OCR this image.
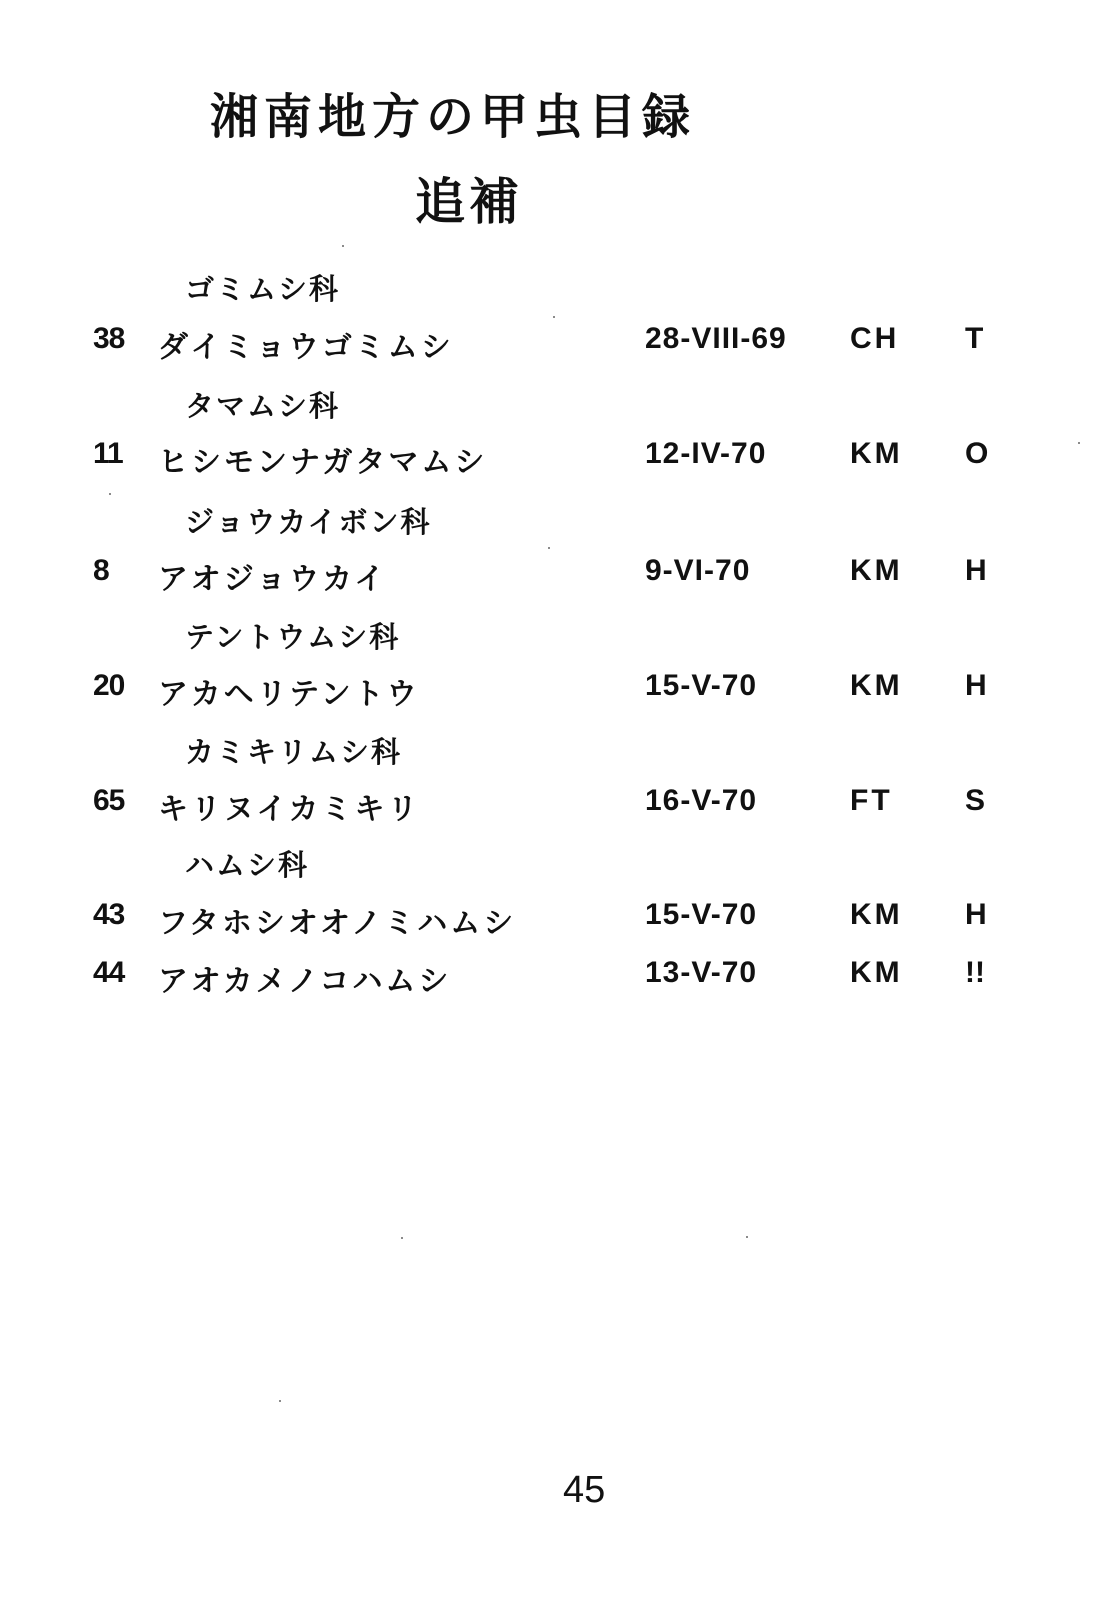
湘南地方の甲虫目録
追補
ゴミムシ科
38	ダイミョウゴミムシ	28-VIII-69	CH	T
タマムシ科
11	ヒシモンナガタマムシ	12-IV-70	KM	O
ジョウカイボン科
8	アオジョウカイ	9-VI-70	KM	H
テントウムシ科
20	アカヘリテントウ	15-V-70	KM	H
カミキリムシ科
65	キリヌイカミキリ	16-V-70	FT	S
ハムシ科
43	フタホシオオノミハムシ	15-V-70	KM	H
44	アオカメノコハムシ	13-V-70	KM	!!
45
